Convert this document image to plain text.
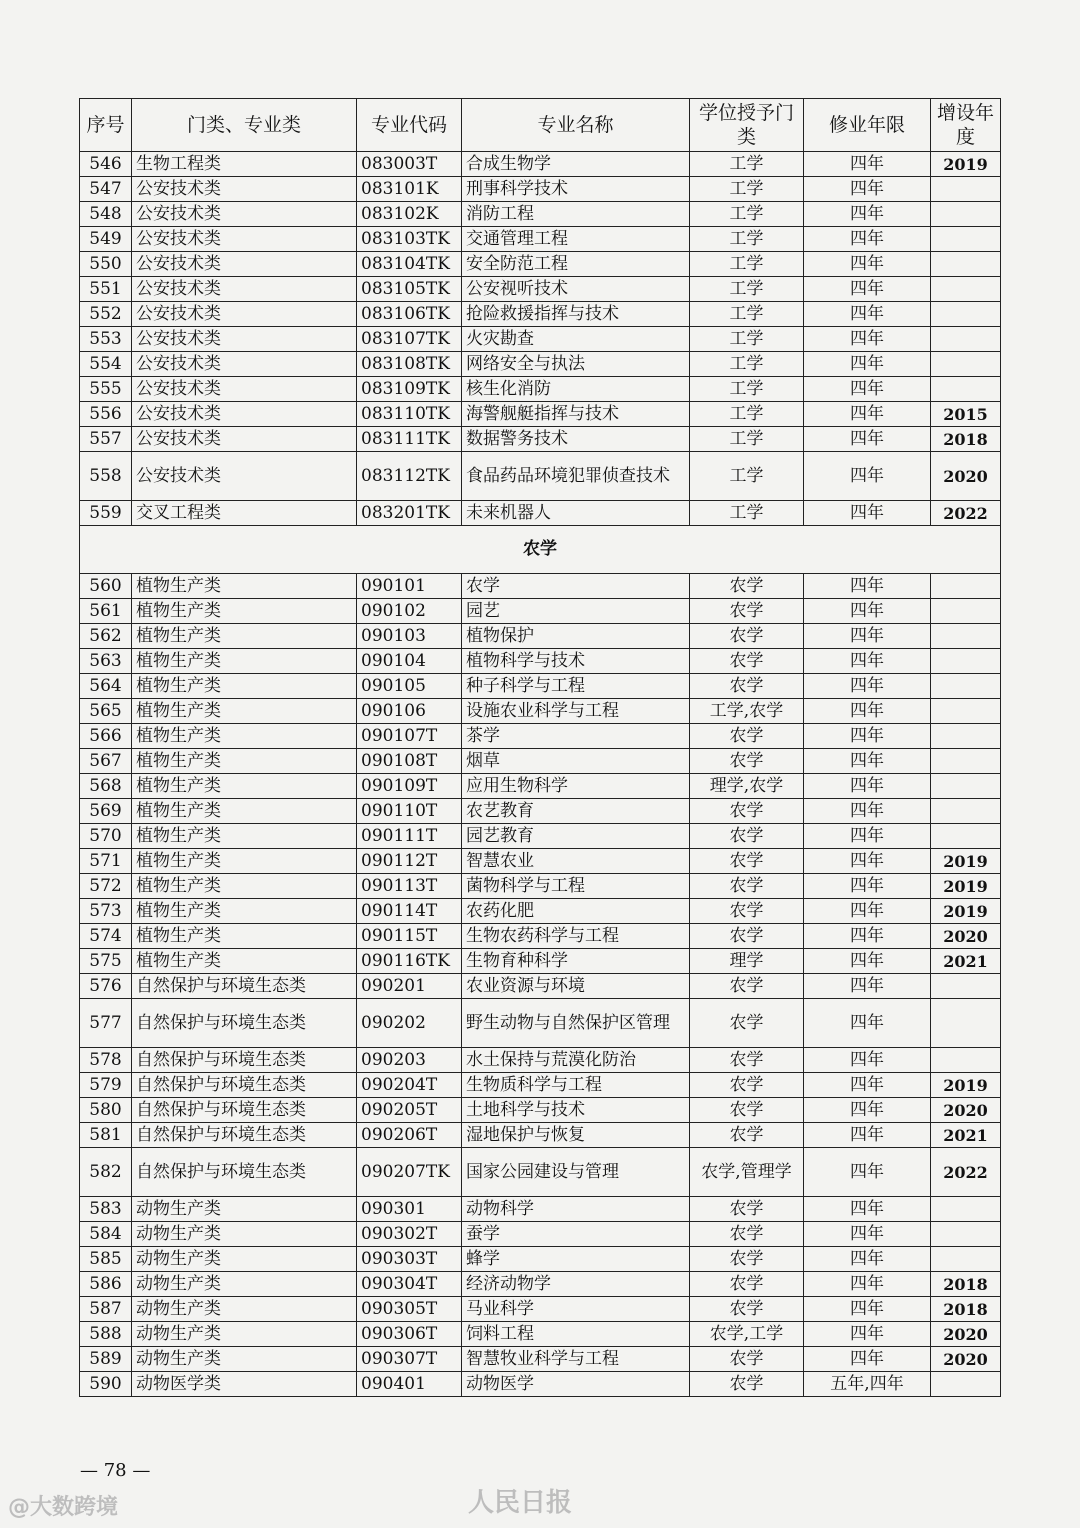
序号	门类、专业类	专业代码	专业名称	学位授予门类	修业年限	增设年度
546	生物工程类	083003T	合成生物学	工学	四年	2019
547	公安技术类	083101K	刑事科学技术	工学	四年	
548	公安技术类	083102K	消防工程	工学	四年	
549	公安技术类	083103TK	交通管理工程	工学	四年	
550	公安技术类	083104TK	安全防范工程	工学	四年	
551	公安技术类	083105TK	公安视听技术	工学	四年	
552	公安技术类	083106TK	抢险救援指挥与技术	工学	四年	
553	公安技术类	083107TK	火灾勘查	工学	四年	
554	公安技术类	083108TK	网络安全与执法	工学	四年	
555	公安技术类	083109TK	核生化消防	工学	四年	
556	公安技术类	083110TK	海警舰艇指挥与技术	工学	四年	2015
557	公安技术类	083111TK	数据警务技术	工学	四年	2018
558	公安技术类	083112TK	食品药品环境犯罪侦查技术	工学	四年	2020
559	交叉工程类	083201TK	未来机器人	工学	四年	2022
农学						
560	植物生产类	090101	农学	农学	四年	
561	植物生产类	090102	园艺	农学	四年	
562	植物生产类	090103	植物保护	农学	四年	
563	植物生产类	090104	植物科学与技术	农学	四年	
564	植物生产类	090105	种子科学与工程	农学	四年	
565	植物生产类	090106	设施农业科学与工程	工学,农学	四年	
566	植物生产类	090107T	茶学	农学	四年	
567	植物生产类	090108T	烟草	农学	四年	
568	植物生产类	090109T	应用生物科学	理学,农学	四年	
569	植物生产类	090110T	农艺教育	农学	四年	
570	植物生产类	090111T	园艺教育	农学	四年	
571	植物生产类	090112T	智慧农业	农学	四年	2019
572	植物生产类	090113T	菌物科学与工程	农学	四年	2019
573	植物生产类	090114T	农药化肥	农学	四年	2019
574	植物生产类	090115T	生物农药科学与工程	农学	四年	2020
575	植物生产类	090116TK	生物育种科学	理学	四年	2021
576	自然保护与环境生态类	090201	农业资源与环境	农学	四年	
577	自然保护与环境生态类	090202	野生动物与自然保护区管理	农学	四年	
578	自然保护与环境生态类	090203	水土保持与荒漠化防治	农学	四年	
579	自然保护与环境生态类	090204T	生物质科学与工程	农学	四年	2019
580	自然保护与环境生态类	090205T	土地科学与技术	农学	四年	2020
581	自然保护与环境生态类	090206T	湿地保护与恢复	农学	四年	2021
582	自然保护与环境生态类	090207TK	国家公园建设与管理	农学,管理学	四年	2022
583	动物生产类	090301	动物科学	农学	四年	
584	动物生产类	090302T	蚕学	农学	四年	
585	动物生产类	090303T	蜂学	农学	四年	
586	动物生产类	090304T	经济动物学	农学	四年	2018
587	动物生产类	090305T	马业科学	农学	四年	2018
588	动物生产类	090306T	饲料工程	农学,工学	四年	2020
589	动物生产类	090307T	智慧牧业科学与工程	农学	四年	2020
590	动物医学类	090401	动物医学	农学	五年,四年	
— 78 —
@大数跨境	人民日报
